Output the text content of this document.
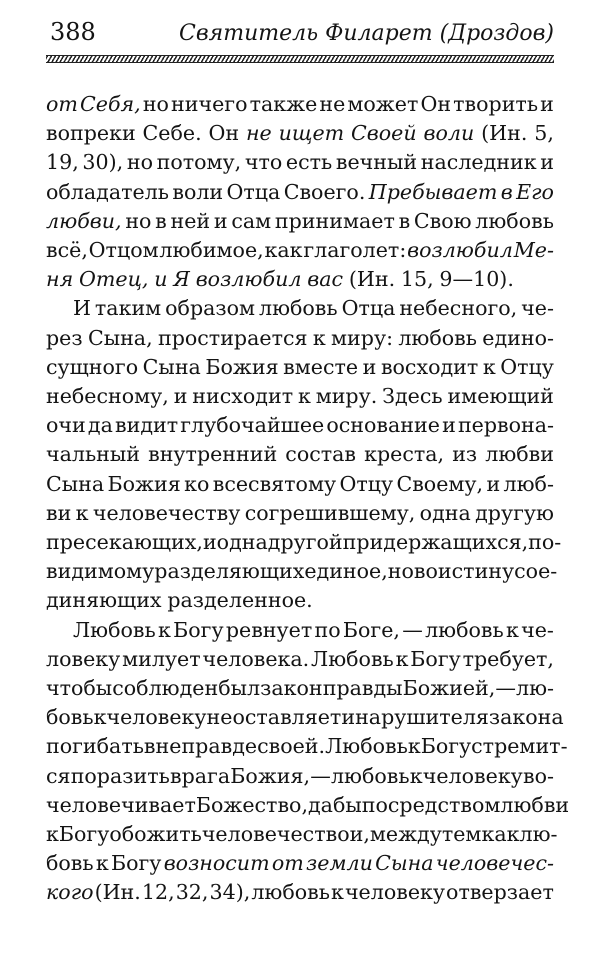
388	Святитель Филарет (Дроздов)
от Себя, но ничего также не может Он творить и
вопреки Себе. Он не ищет Своей воли (Ин. 5,
19, 30), но потому, что есть вечный наследник и
обладатель воли Отца Своего. Пребывает в Его
любви, но в ней и сам принимает в Свою любовь
всё, Отцом любимое, как глаголет: возлюбил Ме-
ня Отец, и Я возлюбил вас (Ин. 15, 9—10).
И таким образом любовь Отца небесного, че-
рез Сына, простирается к миру: любовь едино-
сущного Сына Божия вместе и восходит к Отцу
небесному, и нисходит к миру. Здесь имеющий
очи да видит глубочайшее основание и первона-
чальный внутренний состав креста, из любви
Сына Божия ко всесвятому Отцу Своему, и люб-
ви к человечеству согрешившему, одна другую
пресекающих, и одна другой придержащихся, по-
видимому разделяющих единое, но воистину сое-
диняющих разделенное.
Любовь к Богу ревнует по Боге, — любовь к че-
ловеку милует человека. Любовь к Богу требует,
чтобы соблюден был закон правды Божией, — лю-
бовь к человеку не оставляет и нарушителя закона
погибать в неправде своей. Любовь к Богу стремит-
ся поразить врага Божия, — любовь к человеку во-
человечивает Божество, дабы посредством любви
к Богу обожить человечество и, между тем как лю-
бовь к Богу возносит от земли Сына человечес-
кого (Ин. 12, 32, 34), любовь к человеку отверзает
